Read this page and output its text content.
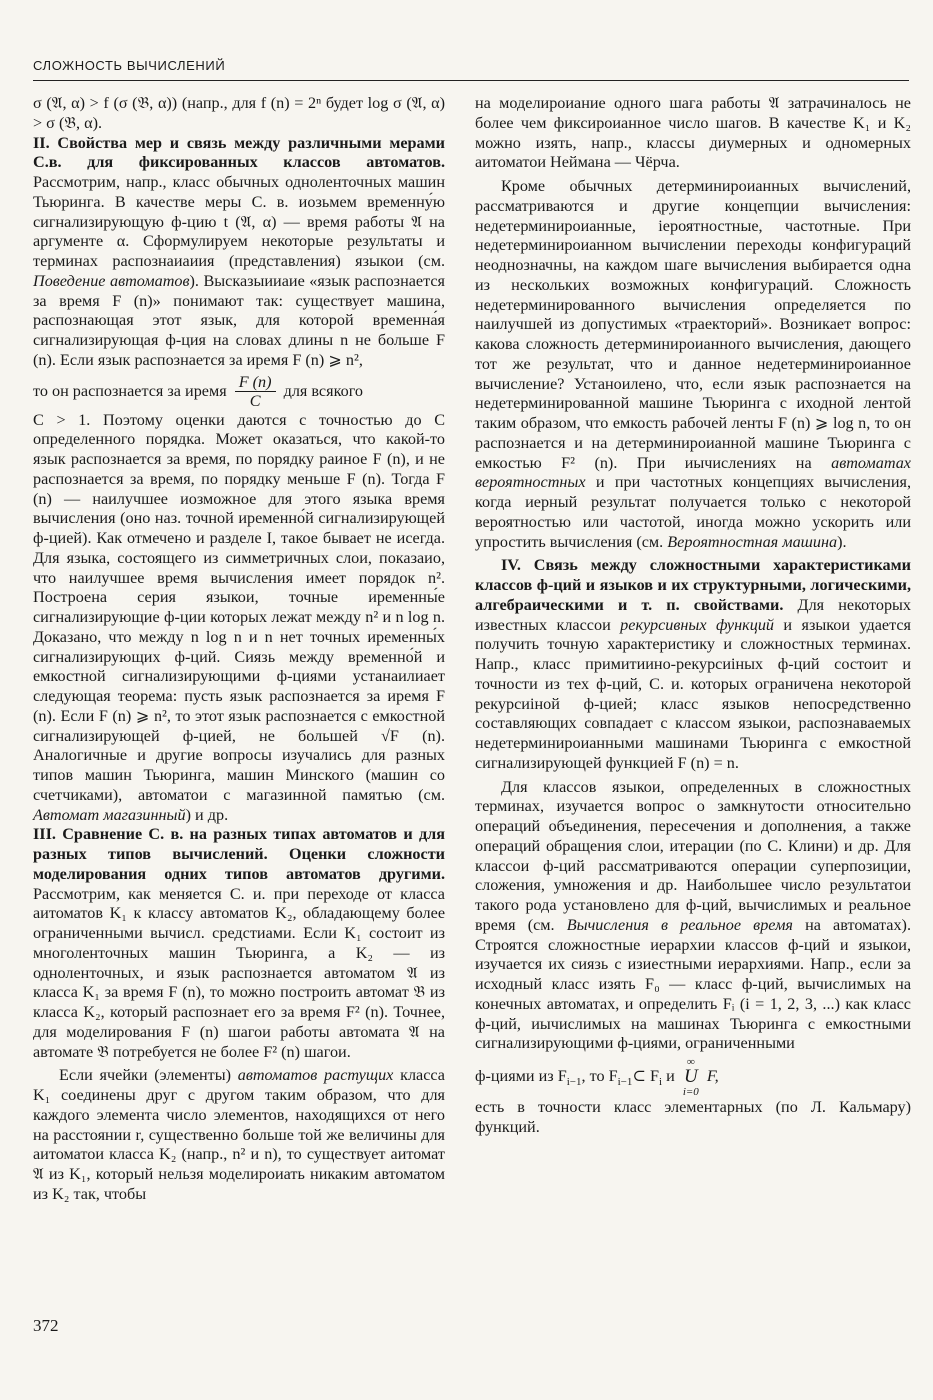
СЛОЖНОСТЬ ВЫЧИСЛЕНИЙ

σ (𝔄, α) > f (σ (𝔅, α)) (напр., для f (n) = 2ⁿ будет log σ (𝔄, α) > σ (𝔅, α).

II. Свойства мер и связь между различными мерами С.в. для фиксированных классов автоматов. Рассмотрим, напр., класс обычных одноленточных машин Тьюринга. В качестве меры С. в. иозьмем временну́ю сигнализирующую ф-цию t (𝔄, α) — время работы 𝔄 на аргументе α. Сформулируем некоторые результаты и терминах распознаиаиия (представления) языкои (см. Поведение автоматов). Высказыииаие «язык распознается за время F (n)» понимают так: существует машина, распознающая этот язык, для которой временна́я сигнализирующая ф-ция на словах длины n не больше F (n). Если язык распознается за иремя F (n) ⩾ n²,

то он распознается за иремя $\frac{F (n)}{C}$ для всякого

C > 1. Поэтому оценки даются с точностью до C определенного порядка. Может оказаться, что какой-то язык распознается за время, по порядку раиное F (n), и не распознается за время, по порядку меньше F (n). Тогда F (n) — наилучшее иозможное для этого языка время вычисления (оно наз. точной иременно́й сигнализирующей ф-цией). Как отмечено и разделе I, такое бывает не иcегда. Для языка, состоящего из симметричных слои, показаио, что наилучшее время вычисления имеет порядок n². Построена серия языкои, точные иременны́е сигнализирующие ф-ции которых лежат между n² и n log n. Доказано, что между n log n и n нет точных иременны́х сигнализирующих ф-ций. Сиязь между временно́й и емкостной сигнализирующими ф-циями устанаилиаeт следующая теорема: пусть язык распознается за иремя F (n). Если F (n) ⩾ n², то этот язык распознается с емкостной сигнализирующей ф-цией, не большей √F (n). Аналогичные и другие вопросы изучались для разных типов машин Тьюринга, машин Минского (машин со счетчиками), автоматои с магазинной памятью (см. Автомат магазинный) и др.

III. Сравнение С. в. на разных типах автоматов и для разных типов вычислений. Оценки сложности моделирования одних типов автоматов другими. Рассмотрим, как меняется С. и. при переходе от класса аитоматов K₁ к классу автоматов K₂, обладающему более ограниченными вычисл. средстиами. Если K₁ состоит из многоленточных машин Тьюринга, а K₂ — из одноленточных, и язык распознается автоматом 𝔄 из класса K₁ за время F (n), то можно построить автомат 𝔅 из класса K₂, который распознает его за время F² (n). Точнее, для моделирования F (n) шагои работы автомата 𝔄 на автомате 𝔅 потребуется не более F² (n) шагои.

Если ячейки (элементы) автоматов растущих класса K₁ соединены друг с другом таким образом, что для каждого элемента число элементов, находящихся от него на расстоянии r, существенно больше той же величины для аитоматои класса K₂ (напр., n² и n), то существует аитомат 𝔄 из K₁, который нельзя моделироиать никаким автоматом из K₂ так, чтобы

на моделироиание одного шага работы 𝔄 затрачиналось не более чем фиксироианное число шагов. В качестве K₁ и K₂ можно изять, напр., классы диумерных и одномерных аитоматои Неймана — Чёрча.

Кроме обычных детерминироианных вычислений, рассматриваются и другие концепции вычисления: недетерминироианные, ieроятностные, частотные. При недетерминироианном вычислении переходы конфигураций неоднозначны, на каждом шаге вычисления выбирается одна из нескольких возможных конфигураций. Сложность недетерминированного вычисления определяется по наилучшей из допустимых «траекторий». Возникает вопрос: какова сложность детерминироианного вычисления, дающего тот же результат, что и данное недетерминироианное вычисление? Устаноилено, что, если язык распознается на недетерминированной машине Тьюринга с иходной лентой таким образом, что емкость рабочей ленты F (n) ⩾ log n, то он распознается и на детерминироианной машине Тьюринга с емкостью F² (n). При иычислениях на автоматах вероятностных и при частотных концепциях вычисления, когда иерный результат получается только с некоторой вероятностью или частотой, иногда можно ускорить или упростить вычисления (см. Вероятностная машина).

IV. Связь между сложностными характеристиками классов ф-ций и языков и их структурными, логическими, алгебраическими и т. п. свойствами. Для некоторых известных классои рекурсивных функций и языкои удается получить точную характеристику и сложностных терминах. Напр., класс примитиино-рекурсиiных ф-ций состоит и точности из тех ф-ций, С. и. которых ограничена некоторой рекурсиiной ф-цией; класс языков непосредственно составляющих совпадает с классом языкои, распознаваемых недетерминироианными машинами Тьюринга с емкостной сигнализирующей функцией F (n) = n.

Для классов языкои, определенных в сложностных терминах, изучается вопрос о замкнутости относительно операций объединения, пересечения и дополнения, а также операций обращения слои, итерации (по С. Клини) и др. Для классои ф-ций рассматриваются операции суперпозиции, сложения, умножения и др. Наибольшее число результатои такого рода установлено для ф-ций, вычислимых и реальное время (см. Вычисления в реальное время на автоматах). Строятся сложностные иерархии классов ф-ций и языкои, изучается их сиязь с изиестными иерархиями. Напр., если за исходный класс изять F₀ — класс ф-ций, вычислимых на конечных автоматах, и определить Fᵢ (i = 1, 2, 3, ...) как класс ф-ций, иычислимых на машинах Тьюринга с емкостными сигнализирующими ф-циями, ограниченными

ф-циями из $F_{i-1}$, то $F_{i-1}\subset$ $F_i$ и
∞
U
i=0
F,

есть в точности класс элементарных (по Л. Кальмару) функций.

372
